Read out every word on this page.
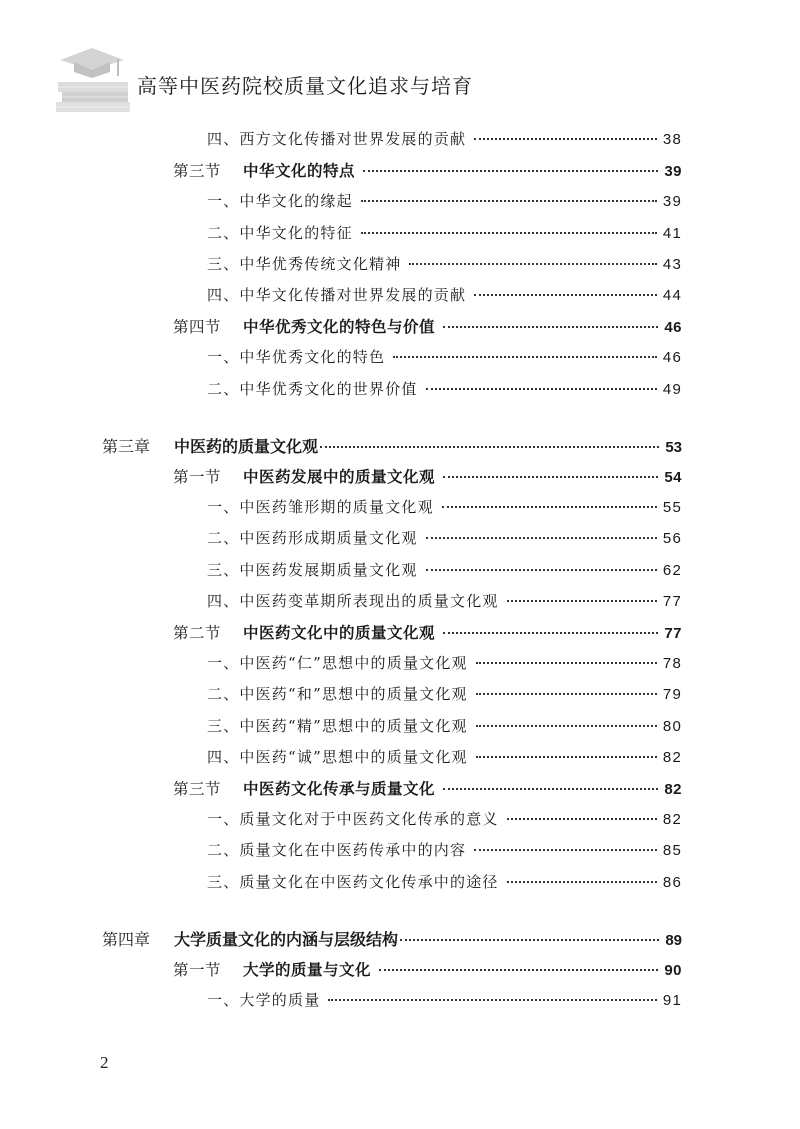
高等中医药院校质量文化追求与培育
四、西方文化传播对世界发展的贡献	38
第三节 中华文化的特点	39
一、中华文化的缘起	39
二、中华文化的特征	41
三、中华优秀传统文化精神	43
四、中华文化传播对世界发展的贡献	44
第四节 中华优秀文化的特色与价值	46
一、中华优秀文化的特色	46
二、中华优秀文化的世界价值	49
第三章 中医药的质量文化观	53
第一节 中医药发展中的质量文化观	54
一、中医药雏形期的质量文化观	55
二、中医药形成期质量文化观	56
三、中医药发展期质量文化观	62
四、中医药变革期所表现出的质量文化观	77
第二节 中医药文化中的质量文化观	77
一、中医药“仁”思想中的质量文化观	78
二、中医药“和”思想中的质量文化观	79
三、中医药“精”思想中的质量文化观	80
四、中医药“诚”思想中的质量文化观	82
第三节 中医药文化传承与质量文化	82
一、质量文化对于中医药文化传承的意义	82
二、质量文化在中医药传承中的内容	85
三、质量文化在中医药文化传承中的途径	86
第四章 大学质量文化的内涵与层级结构	89
第一节 大学的质量与文化	90
一、大学的质量	91
2
